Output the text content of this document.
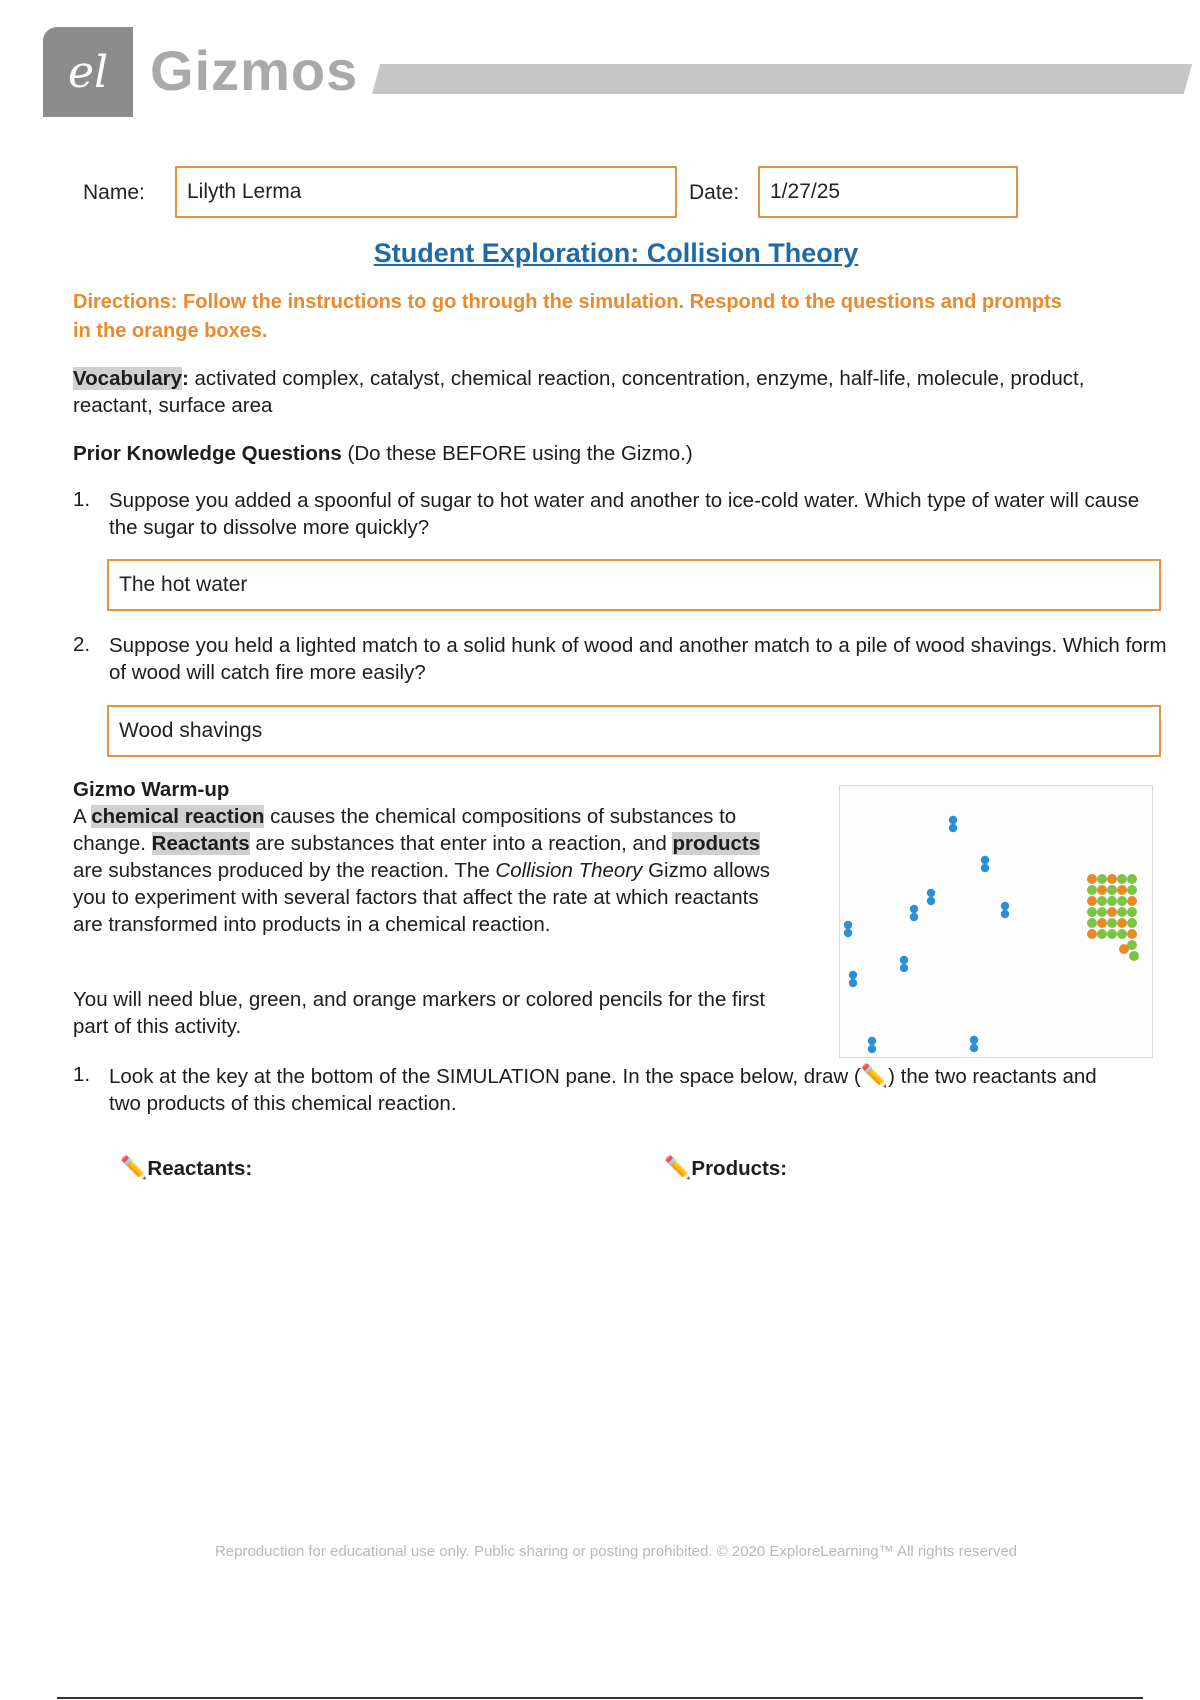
el Gizmos
Name:	Lilyth Lerma	Date:	1/27/25
Student Exploration: Collision Theory
Directions: Follow the instructions to go through the simulation. Respond to the questions and prompts in the orange boxes.
Vocabulary: activated complex, catalyst, chemical reaction, concentration, enzyme, half-life, molecule, product, reactant, surface area
Prior Knowledge Questions (Do these BEFORE using the Gizmo.)
1. Suppose you added a spoonful of sugar to hot water and another to ice-cold water. Which type of water will cause the sugar to dissolve more quickly?
The hot water
2. Suppose you held a lighted match to a solid hunk of wood and another match to a pile of wood shavings. Which form of wood will catch fire more easily?
Wood shavings
Gizmo Warm-up
A chemical reaction causes the chemical compositions of substances to change. Reactants are substances that enter into a reaction, and products are substances produced by the reaction. The Collision Theory Gizmo allows you to experiment with several factors that affect the rate at which reactants are transformed into products in a chemical reaction.
You will need blue, green, and orange markers or colored pencils for the first part of this activity.
1. Look at the key at the bottom of the SIMULATION pane. In the space below, draw (✏️) the two reactants and two products of this chemical reaction.
✏️Reactants:	✏️Products:
Reproduction for educational use only. Public sharing or posting prohibited. © 2020 ExploreLearning™ All rights reserved
